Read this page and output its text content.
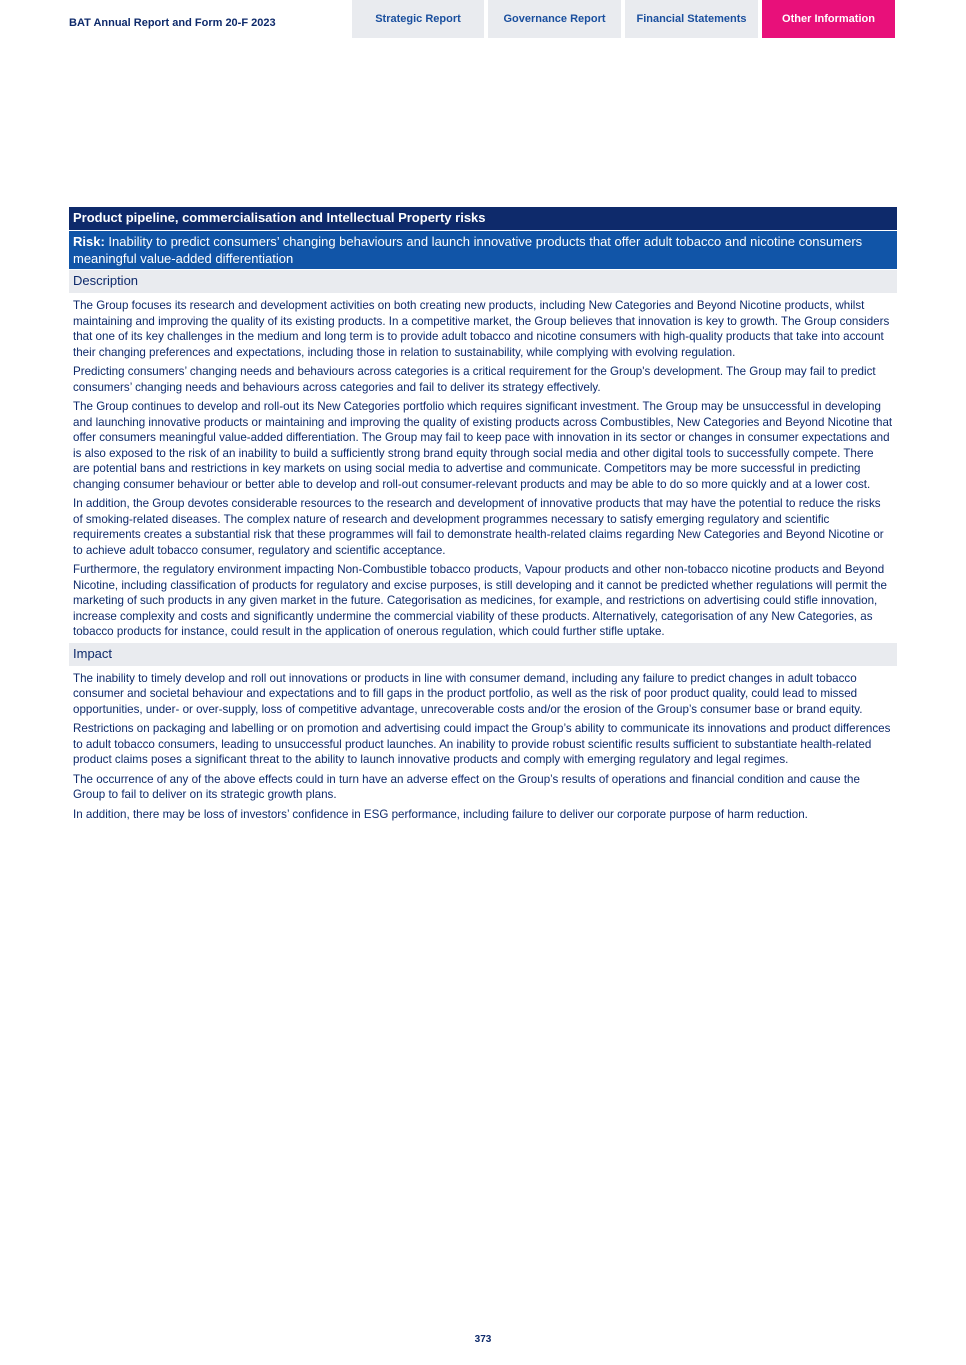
BAT Annual Report and Form 20-F 2023	Strategic Report	Governance Report	Financial Statements	Other Information
Product pipeline, commercialisation and Intellectual Property risks
Risk: Inability to predict consumers’ changing behaviours and launch innovative products that offer adult tobacco and nicotine consumers meaningful value-added differentiation
Description

The Group focuses its research and development activities on both creating new products, including New Categories and Beyond Nicotine products, whilst maintaining and improving the quality of its existing products. In a competitive market, the Group believes that innovation is key to growth. The Group considers that one of its key challenges in the medium and long term is to provide adult tobacco and nicotine consumers with high-quality products that take into account their changing preferences and expectations, including those in relation to sustainability, while complying with evolving regulation.

Predicting consumers’ changing needs and behaviours across categories is a critical requirement for the Group's development. The Group may fail to predict consumers’ changing needs and behaviours across categories and fail to deliver its strategy effectively.

The Group continues to develop and roll-out its New Categories portfolio which requires significant investment. The Group may be unsuccessful in developing and launching innovative products or maintaining and improving the quality of existing products across Combustibles, New Categories and Beyond Nicotine that offer consumers meaningful value-added differentiation. The Group may fail to keep pace with innovation in its sector or changes in consumer expectations and is also exposed to the risk of an inability to build a sufficiently strong brand equity through social media and other digital tools to successfully compete. There are potential bans and restrictions in key markets on using social media to advertise and communicate. Competitors may be more successful in predicting changing consumer behaviour or better able to develop and roll-out consumer-relevant products and may be able to do so more quickly and at a lower cost.

In addition, the Group devotes considerable resources to the research and development of innovative products that may have the potential to reduce the risks of smoking-related diseases. The complex nature of research and development programmes necessary to satisfy emerging regulatory and scientific requirements creates a substantial risk that these programmes will fail to demonstrate health-related claims regarding New Categories and Beyond Nicotine or to achieve adult tobacco consumer, regulatory and scientific acceptance.

Furthermore, the regulatory environment impacting Non-Combustible tobacco products, Vapour products and other non-tobacco nicotine products and Beyond Nicotine, including classification of products for regulatory and excise purposes, is still developing and it cannot be predicted whether regulations will permit the marketing of such products in any given market in the future. Categorisation as medicines, for example, and restrictions on advertising could stifle innovation, increase complexity and costs and significantly undermine the commercial viability of these products. Alternatively, categorisation of any New Categories, as tobacco products for instance, could result in the application of onerous regulation, which could further stifle uptake.

Impact

The inability to timely develop and roll out innovations or products in line with consumer demand, including any failure to predict changes in adult tobacco consumer and societal behaviour and expectations and to fill gaps in the product portfolio, as well as the risk of poor product quality, could lead to missed opportunities, under- or over-supply, loss of competitive advantage, unrecoverable costs and/or the erosion of the Group’s consumer base or brand equity.

Restrictions on packaging and labelling or on promotion and advertising could impact the Group’s ability to communicate its innovations and product differences to adult tobacco consumers, leading to unsuccessful product launches. An inability to provide robust scientific results sufficient to substantiate health-related product claims poses a significant threat to the ability to launch innovative products and comply with emerging regulatory and legal regimes.

The occurrence of any of the above effects could in turn have an adverse effect on the Group’s results of operations and financial condition and cause the Group to fail to deliver on its strategic growth plans.

In addition, there may be loss of investors’ confidence in ESG performance, including failure to deliver our corporate purpose of harm reduction.

373
